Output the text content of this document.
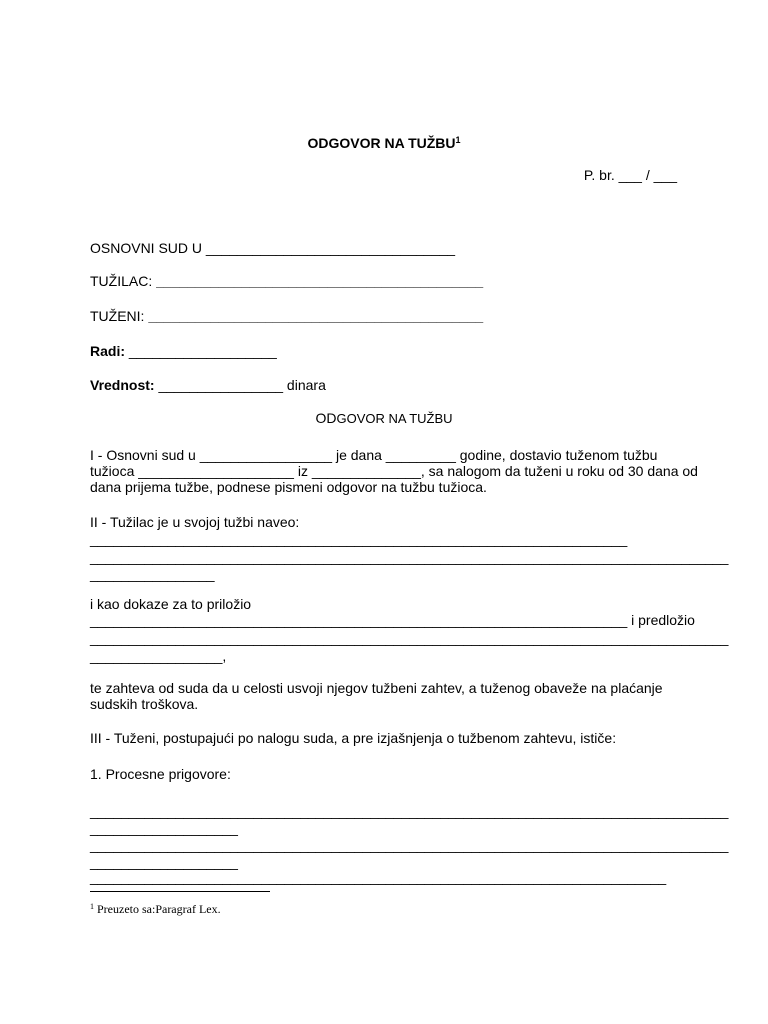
ODGOVOR NA TUŽBU$^1$
P. br. ___ / ___
OSNOVNI SUD U ________________________________
TUŽILAC: __________________________________________
TUŽENI: ___________________________________________
Radi: ___________________
Vrednost: ________________ dinara
ODGOVOR NA TUŽBU
I - Osnovni sud u _________________ je dana _________ godine, dostavio tuženom tužbu
tužioca ____________________ iz ______________, sa nalogom da tuženi u roku od 30 dana od
dana prijema tužbe, podnese pismeni odgovor na tužbu tužioca.
II - Tužilac je u svojoj tužbi naveo:
_____________________________________________________________________
__________________________________________________________________________________
________________
i kao dokaze za to priložio
_____________________________________________________________________ i predložio
__________________________________________________________________________________
_________________,
te zahteva od suda da u celosti usvoji njegov tužbeni zahtev, a tuženog obaveže na plaćanje
sudskih troškova.
III - Tuženi, postupajući po nalogu suda, a pre izjašnjenja o tužbenom zahtevu, ističe:
1. Procesne prigovore:
__________________________________________________________________________________
___________________
__________________________________________________________________________________
___________________
__________________________________________________________________________
$^1$ Preuzeto sa:Paragraf Lex.
